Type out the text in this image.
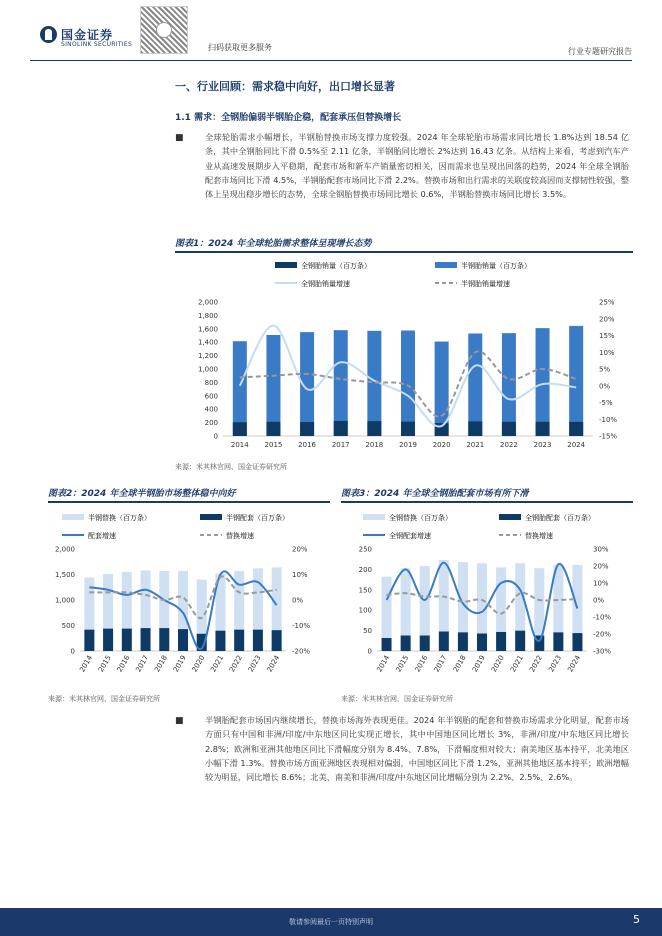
国金证券
SINOLINK SECURITIES	扫码获取更多服务	行业专题研究报告
一、行业回顾：需求稳中向好，出口增长显著
1.1 需求：全钢胎偏弱半钢胎企稳，配套承压但替换增长
■	全球轮胎需求小幅增长，半钢胎替换市场支撑力度较强。2024 年全球轮胎市场需求同比增长 1.8%达到 18.54 亿条，其中全钢胎同比下滑 0.5%至 2.11 亿条，半钢胎同比增长 2%达到 16.43 亿条。从结构上来看，考虑到汽车产业从高速发展期步入平稳期，配套市场和新车产销量密切相关，因而需求也呈现出回落的趋势，2024 年全球全钢胎配套市场同比下滑 4.5%，半钢胎配套市场同比下滑 2.2%。替换市场和出行需求的关联度较高因而支撑韧性较强，整体上呈现出稳步增长的态势，全球全钢胎替换市场同比增长 0.6%，半钢胎替换市场同比增长 3.5%。
图表1：2024 年全球轮胎需求整体呈现增长态势
全钢胎销量（百万条）	半钢胎销量（百万条）
全钢胎销量增速	半钢胎销量增速
0
200
400
600
800
1,000
1,200
1,400
1,600
1,800
2,000
-15%
-10%
-5%
0%
5%
10%
15%
20%
25%
2014 2015 2016 2017 2018 2019 2020 2021 2022 2023 2024
来源：米其林官网、国金证券研究所
图表2：2024 年全球半钢胎市场整体稳中向好
半钢替换（百万条）	半钢配套（百万条）
配套增速	替换增速
0
500
1,000
1,500
2,000
-20%
-10%
0%
10%
20%
2014 2015 2016 2017 2018 2019 2020 2021 2022 2023 2024
来源：米其林官网、国金证券研究所
图表3：2024 年全球全钢胎配套市场有所下滑
全钢替换（百万条）	全钢胎配套（百万条）
全钢配套增速	替换增速
0
50
100
150
200
250
-30%
-20%
-10%
0%
10%
20%
30%
2014 2015 2016 2017 2018 2019 2020 2021 2022 2023 2024
来源：米其林官网、国金证券研究所
■	半钢胎配套市场国内继续增长，替换市场海外表现更佳。2024 年半钢胎的配套和替换市场需求分化明显，配套市场方面只有中国和非洲/印度/中东地区同比实现正增长，其中中国地区同比增长 3%，非洲/印度/中东地区同比增长 2.8%；欧洲和亚洲其他地区同比下滑幅度分别为 8.4%、7.8%，下滑幅度相对较大；南美地区基本持平，北美地区小幅下滑 1.3%。替换市场方面亚洲地区表现相对偏弱，中国地区同比下滑 1.2%，亚洲其他地区基本持平；欧洲增幅较为明显，同比增长 8.6%；北美、南美和非洲/印度/中东地区同比增幅分别为 2.2%、2.5%、2.6%。
敬请参阅最后一页特别声明	5
